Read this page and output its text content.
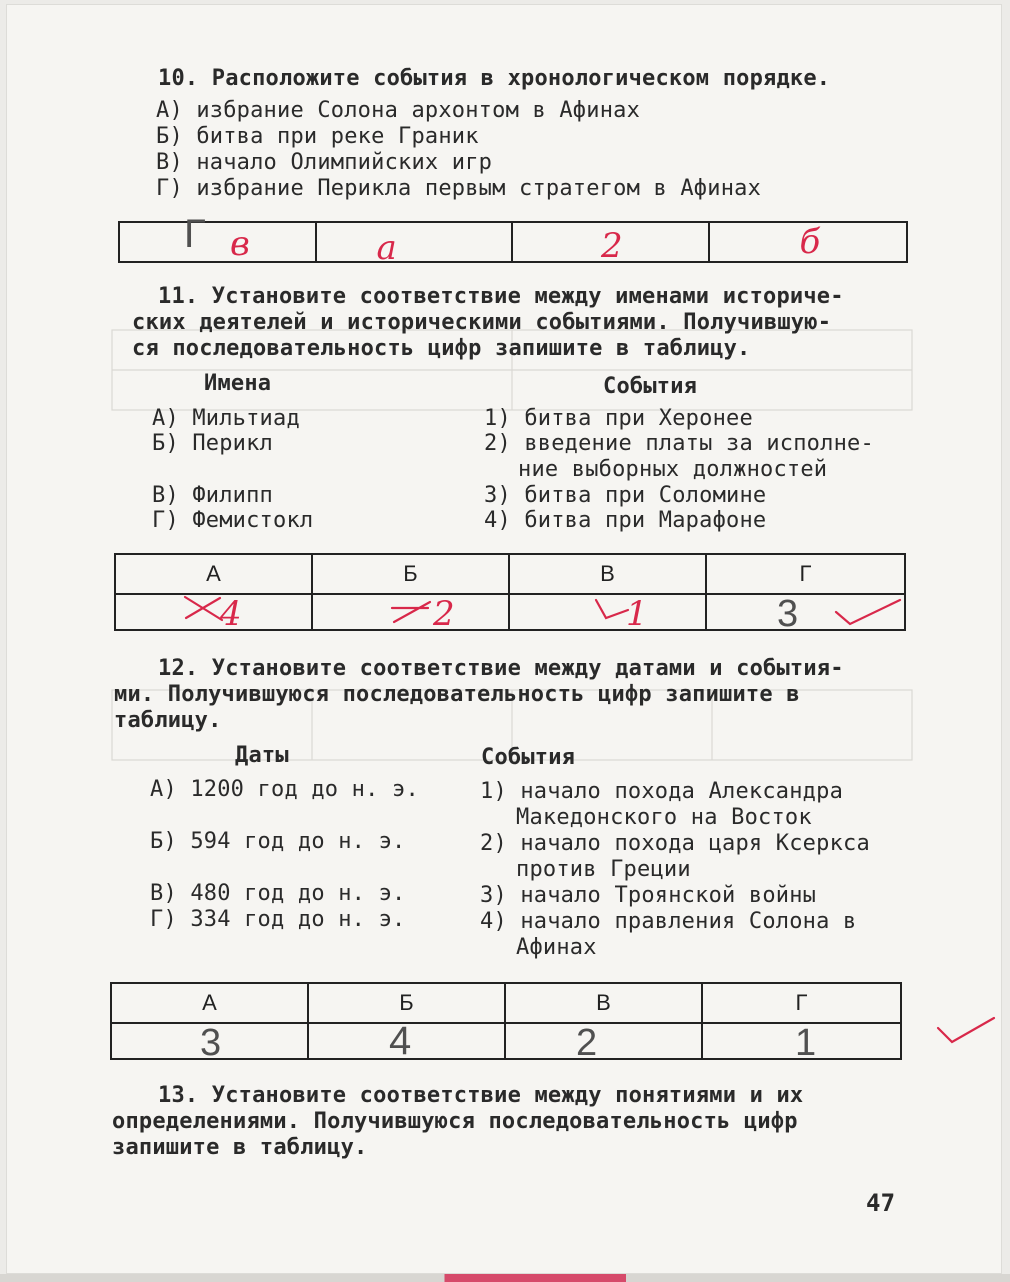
10. Расположите события в хронологическом порядке.
А) избрание Солона архонтом в Афинах
Б) битва при реке Граник
В) начало Олимпийских игр
Г) избрание Перикла первым стратегом в Афинах
Г в	а	2	б
11. Установите соответствие между именами историче-
ских деятелей и историческими событиями. Получившую-
ся последовательность цифр запишите в таблицу.
Имена	События
А) Мильтиад
Б) Перикл
В) Филипп
Г) Фемистокл
1) битва при Херонее
2) введение платы за исполне-
ние выборных должностей
3) битва при Соломине
4) битва при Марафоне
А	Б	В	Г
4	2	1	3
12. Установите соответствие между датами и события-
ми. Получившуюся последовательность цифр запишите в
таблицу.
Даты	События
А) 1200 год до н. э.
Б) 594 год до н. э.
В) 480 год до н. э.
Г) 334 год до н. э.
1) начало похода Александра
Македонского на Восток
2) начало похода царя Ксеркса
против Греции
3) начало Троянской войны
4) начало правления Солона в
Афинах
А	Б	В	Г
3	4	2	1
13. Установите соответствие между понятиями и их
определениями. Получившуюся последовательность цифр
запишите в таблицу.
47
